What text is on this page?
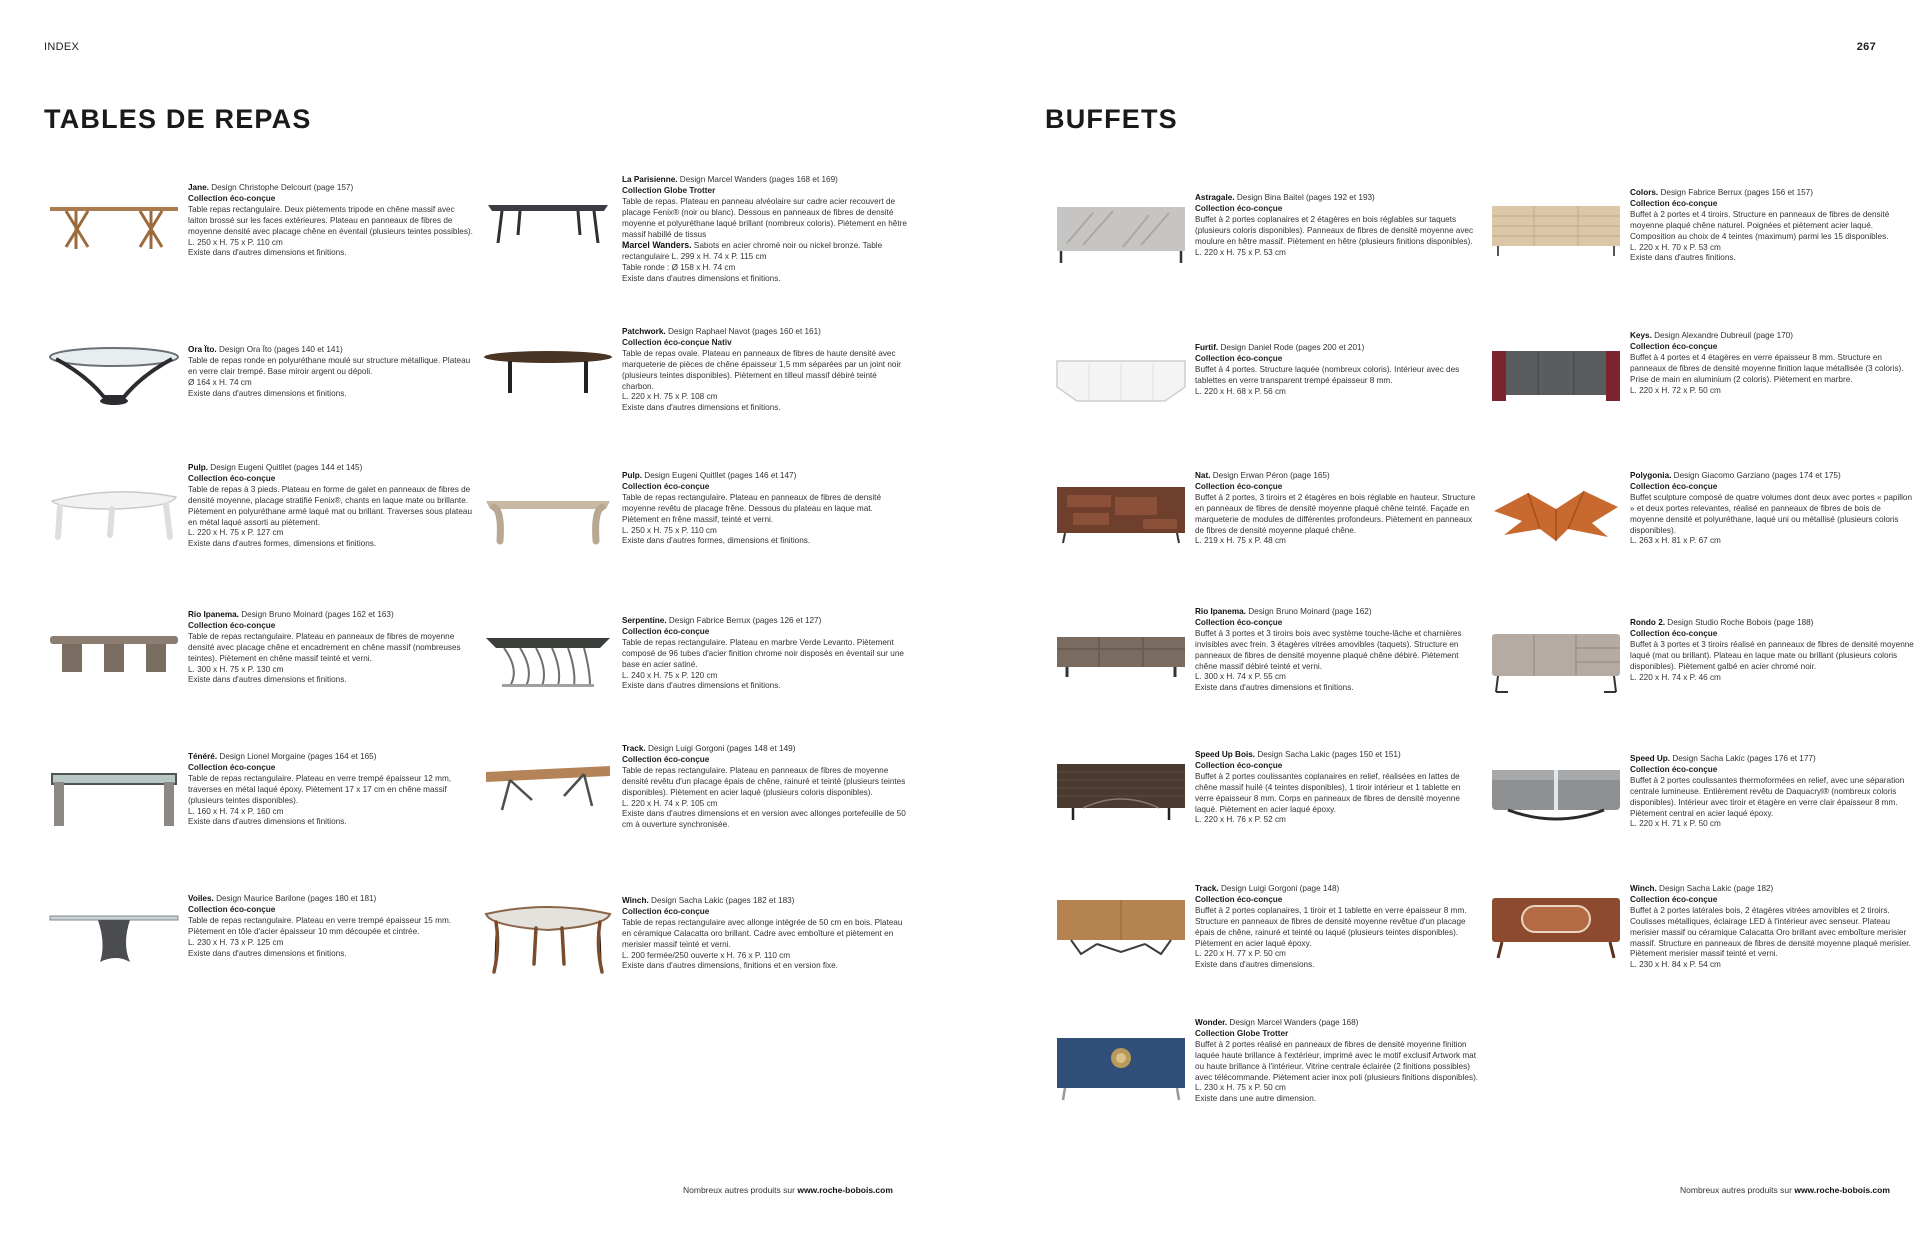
INDEX	267
TABLES DE REPAS	BUFFETS
Jane. Design Christophe Delcourt (page 157)
Collection éco-conçue
Table repas rectangulaire. Deux piètements tripode en chêne massif avec laiton brossé sur les faces extérieures. Plateau en panneaux de fibres de moyenne densité avec placage chêne en éventail (plusieurs teintes possibles).
L. 250 x H. 75 x P. 110 cm
Existe dans d'autres dimensions et finitions.
La Parisienne. Design Marcel Wanders (pages 168 et 169)
Collection Globe Trotter
Table de repas. Plateau en panneau alvéolaire sur cadre acier recouvert de placage Fenix® (noir ou blanc). Dessous en panneaux de fibres de densité moyenne et polyuréthane laqué brillant (nombreux coloris). Piètement en hêtre massif habillé de tissus
Marcel Wanders. Sabots en acier chromé noir ou nickel bronze. Table rectangulaire L. 299 x H. 74 x P. 115 cm
Table ronde : Ø 158 x H. 74 cm
Existe dans d'autres dimensions et finitions.
Ora Ïto. Design Ora Ïto (pages 140 et 141)
Table de repas ronde en polyuréthane moulé sur structure métallique. Plateau en verre clair trempé. Base miroir argent ou dépoli.
Ø 164 x H. 74 cm
Existe dans d'autres dimensions et finitions.
Patchwork. Design Raphael Navot (pages 160 et 161)
Collection éco-conçue Nativ
Table de repas ovale. Plateau en panneaux de fibres de haute densité avec marqueterie de pièces de chêne épaisseur 1,5 mm séparées par un joint noir (plusieurs teintes disponibles). Piètement en tilleul massif débiré teinté charbon.
L. 220 x H. 75 x P. 108 cm
Existe dans d'autres dimensions et finitions.
Pulp. Design Eugeni Quitllet (pages 144 et 145)
Collection éco-conçue
Table de repas à 3 pieds. Plateau en forme de galet en panneaux de fibres de densité moyenne, placage stratifié Fenix®, chants en laque mate ou brillante. Piètement en polyuréthane armé laqué mat ou brillant. Traverses sous plateau en métal laqué assorti au piètement.
L. 220 x H. 75 x P. 127 cm
Existe dans d'autres formes, dimensions et finitions.
Pulp. Design Eugeni Quitllet (pages 146 et 147)
Collection éco-conçue
Table de repas rectangulaire. Plateau en panneaux de fibres de densité moyenne revêtu de placage frêne. Dessous du plateau en laque mat. Piètement en frêne massif, teinté et verni.
L. 250 x H. 75 x P. 110 cm
Existe dans d'autres formes, dimensions et finitions.
Rio Ipanema. Design Bruno Moinard (pages 162 et 163)
Collection éco-conçue
Table de repas rectangulaire. Plateau en panneaux de fibres de moyenne densité avec placage chêne et encadrement en chêne massif (nombreuses teintes). Piètement en chêne massif teinté et verni.
L. 300 x H. 75 x P. 130 cm
Existe dans d'autres dimensions et finitions.
Serpentine. Design Fabrice Berrux (pages 126 et 127)
Collection éco-conçue
Table de repas rectangulaire. Plateau en marbre Verde Levanto. Piètement composé de 96 tubes d'acier finition chrome noir disposés en éventail sur une base en acier satiné.
L. 240 x H. 75 x P. 120 cm
Existe dans d'autres dimensions et finitions.
Ténéré. Design Lionel Morgaine (pages 164 et 165)
Collection éco-conçue
Table de repas rectangulaire. Plateau en verre trempé épaisseur 12 mm, traverses en métal laqué époxy. Piètement 17 x 17 cm en chêne massif (plusieurs teintes disponibles).
L. 160 x H. 74 x P. 160 cm
Existe dans d'autres dimensions et finitions.
Track. Design Luigi Gorgoni (pages 148 et 149)
Collection éco-conçue
Table de repas rectangulaire. Plateau en panneaux de fibres de moyenne densité revêtu d'un placage épais de chêne, rainuré et teinté (plusieurs teintes disponibles). Piètement en acier laqué (plusieurs coloris disponibles).
L. 220 x H. 74 x P. 105 cm
Existe dans d'autres dimensions et en version avec allonges portefeuille de 50 cm à ouverture synchronisée.
Voiles. Design Maurice Barilone (pages 180 et 181)
Collection éco-conçue
Table de repas rectangulaire. Plateau en verre trempé épaisseur 15 mm. Piètement en tôle d'acier épaisseur 10 mm découpée et cintrée.
L. 230 x H. 73 x P. 125 cm
Existe dans d'autres dimensions et finitions.
Winch. Design Sacha Lakic (pages 182 et 183)
Collection éco-conçue
Table de repas rectangulaire avec allonge intégrée de 50 cm en bois. Plateau en céramique Calacatta oro brillant. Cadre avec emboîture et piètement en merisier massif teinté et verni.
L. 200 fermée/250 ouverte x H. 76 x P. 110 cm
Existe dans d'autres dimensions, finitions et en version fixe.
Astragale. Design Bina Baitel (pages 192 et 193)
Collection éco-conçue
Buffet à 2 portes coplanaires et 2 étagères en bois réglables sur taquets (plusieurs coloris disponibles). Panneaux de fibres de densité moyenne avec moulure en hêtre massif. Piètement en hêtre (plusieurs finitions disponibles).
L. 220 x H. 75 x P. 53 cm
Colors. Design Fabrice Berrux (pages 156 et 157)
Collection éco-conçue
Buffet à 2 portes et 4 tiroirs. Structure en panneaux de fibres de densité moyenne plaqué chêne naturel. Poignées et piètement acier laqué. Composition au choix de 4 teintes (maximum) parmi les 15 disponibles.
L. 220 x H. 70 x P. 53 cm
Existe dans d'autres finitions.
Furtif. Design Daniel Rode (pages 200 et 201)
Collection éco-conçue
Buffet à 4 portes. Structure laquée (nombreux coloris). Intérieur avec des tablettes en verre transparent trempé épaisseur 8 mm.
L. 220 x H. 68 x P. 56 cm
Keys. Design Alexandre Dubreuil (page 170)
Collection éco-conçue
Buffet à 4 portes et 4 étagères en verre épaisseur 8 mm. Structure en panneaux de fibres de densité moyenne finition laque métallisée (3 coloris). Prise de main en aluminium (2 coloris). Piètement en marbre.
L. 220 x H. 72 x P. 50 cm
Nat. Design Erwan Péron (page 165)
Collection éco-conçue
Buffet à 2 portes, 3 tiroirs et 2 étagères en bois réglable en hauteur. Structure en panneaux de fibres de densité moyenne plaqué chêne teinté. Façade en marqueterie de modules de différentes profondeurs. Piètement en panneaux de fibres de densité moyenne plaqué chêne.
L. 219 x H. 75 x P. 48 cm
Polygonia. Design Giacomo Garziano (pages 174 et 175)
Collection éco-conçue
Buffet sculpture composé de quatre volumes dont deux avec portes « papillon » et deux portes relevantes, réalisé en panneaux de fibres de bois de moyenne densité et polyuréthane, laqué uni ou métallisé (plusieurs coloris disponibles).
L. 263 x H. 81 x P. 67 cm
Rio Ipanema. Design Bruno Moinard (page 162)
Collection éco-conçue
Buffet à 3 portes et 3 tiroirs bois avec système touche-lâche et charnières invisibles avec frein. 3 étagères vitrées amovibles (taquets). Structure en panneaux de fibres de densité moyenne plaqué chêne débiré. Piètement chêne massif débiré teinté et verni.
L. 300 x H. 74 x P. 55 cm
Existe dans d'autres dimensions et finitions.
Rondo 2. Design Studio Roche Bobois (page 188)
Collection éco-conçue
Buffet à 3 portes et 3 tiroirs réalisé en panneaux de fibres de densité moyenne laqué (mat ou brillant). Plateau en laque mate ou brillant (plusieurs coloris disponibles). Piètement galbé en acier chromé noir.
L. 220 x H. 74 x P. 46 cm
Speed Up Bois. Design Sacha Lakic (pages 150 et 151)
Collection éco-conçue
Buffet à 2 portes coulissantes coplanaires en relief, réalisées en lattes de chêne massif huilé (4 teintes disponibles), 1 tiroir intérieur et 1 tablette en verre épaisseur 8 mm. Corps en panneaux de fibres de densité moyenne laqué. Piètement en acier laqué époxy.
L. 220 x H. 76 x P. 52 cm
Speed Up. Design Sacha Lakic (pages 176 et 177)
Collection éco-conçue
Buffet à 2 portes coulissantes thermoformées en relief, avec une séparation centrale lumineuse. Entièrement revêtu de Daquacryl® (nombreux coloris disponibles). Intérieur avec tiroir et étagère en verre clair épaisseur 8 mm. Piètement central en acier laqué époxy.
L. 220 x H. 71 x P. 50 cm
Track. Design Luigi Gorgoni (page 148)
Collection éco-conçue
Buffet à 2 portes coplanaires, 1 tiroir et 1 tablette en verre épaisseur 8 mm. Structure en panneaux de fibres de densité moyenne revêtue d'un placage épais de chêne, rainuré et teinté ou laqué (plusieurs teintes disponibles). Piètement en acier laqué époxy.
L. 220 x H. 77 x P. 50 cm
Existe dans d'autres dimensions.
Winch. Design Sacha Lakic (page 182)
Collection éco-conçue
Buffet à 2 portes latérales bois, 2 étagères vitrées amovibles et 2 tiroirs. Coulisses métalliques, éclairage LED à l'intérieur avec senseur. Plateau merisier massif ou céramique Calacatta Oro brillant avec emboîture merisier massif. Structure en panneaux de fibres de densité moyenne plaqué merisier. Piètement merisier massif teinté et verni.
L. 230 x H. 84 x P. 54 cm
Wonder. Design Marcel Wanders (page 168)
Collection Globe Trotter
Buffet à 2 portes réalisé en panneaux de fibres de densité moyenne finition laquée haute brillance à l'extérieur, imprimé avec le motif exclusif Artwork mat ou haute brillance à l'intérieur. Vitrine centrale éclairée (2 finitions possibles) avec télécommande. Piètement acier inox poli (plusieurs finitions disponibles).
L. 230 x H. 75 x P. 50 cm
Existe dans une autre dimension.
Nombreux autres produits sur www.roche-bobois.com	Nombreux autres produits sur www.roche-bobois.com
